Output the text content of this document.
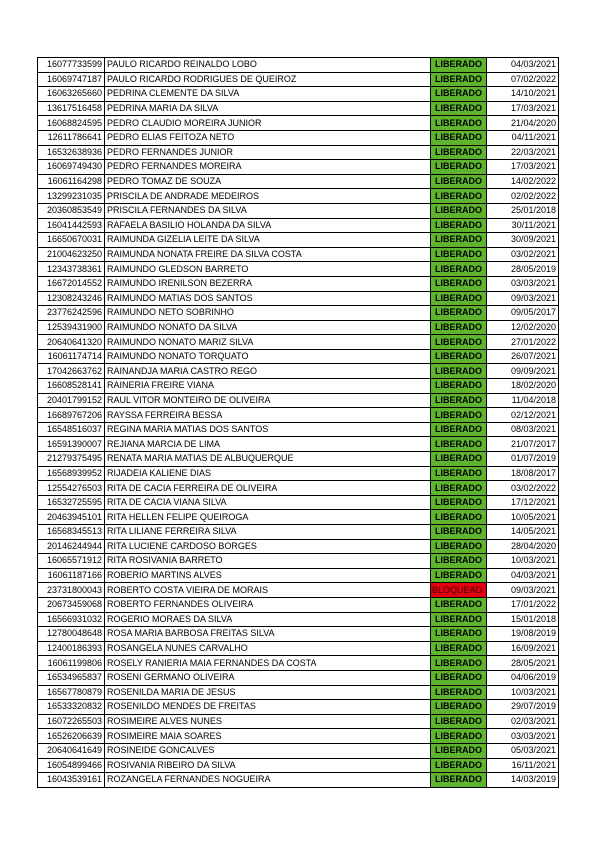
16077733599	PAULO RICARDO REINALDO LOBO	LIBERADO	04/03/2021
16069747187	PAULO RICARDO RODRIGUES DE QUEIROZ	LIBERADO	07/02/2022
16063265660	PEDRINA CLEMENTE DA SILVA	LIBERADO	14/10/2021
13617516458	PEDRINA MARIA DA SILVA	LIBERADO	17/03/2021
16068824595	PEDRO CLAUDIO MOREIRA JUNIOR	LIBERADO	21/04/2020
12611786641	PEDRO ELIAS FEITOZA NETO	LIBERADO	04/11/2021
16532638936	PEDRO FERNANDES JUNIOR	LIBERADO	22/03/2021
16069749430	PEDRO FERNANDES MOREIRA	LIBERADO	17/03/2021
16061164298	PEDRO TOMAZ DE SOUZA	LIBERADO	14/02/2022
13299231035	PRISCILA DE ANDRADE MEDEIROS	LIBERADO	02/02/2022
20360853549	PRISCILA FERNANDES DA SILVA	LIBERADO	25/01/2018
16041442593	RAFAELA BASILIO HOLANDA DA SILVA	LIBERADO	30/11/2021
16650670031	RAIMUNDA GIZELIA LEITE DA SILVA	LIBERADO	30/09/2021
21004623250	RAIMUNDA NONATA FREIRE DA SILVA COSTA	LIBERADO	03/02/2021
12343738361	RAIMUNDO GLEDSON BARRETO	LIBERADO	28/05/2019
16672014552	RAIMUNDO IRENILSON BEZERRA	LIBERADO	03/03/2021
12308243246	RAIMUNDO MATIAS DOS SANTOS	LIBERADO	09/03/2021
23776242596	RAIMUNDO NETO SOBRINHO	LIBERADO	09/05/2017
12539431900	RAIMUNDO NONATO DA SILVA	LIBERADO	12/02/2020
20640641320	RAIMUNDO NONATO MARIZ SILVA	LIBERADO	27/01/2022
16061174714	RAIMUNDO NONATO TORQUATO	LIBERADO	26/07/2021
17042663762	RAINANDJA MARIA CASTRO REGO	LIBERADO	09/09/2021
16608528141	RAINERIA FREIRE VIANA	LIBERADO	18/02/2020
20401799152	RAUL VITOR MONTEIRO DE OLIVEIRA	LIBERADO	11/04/2018
16689767206	RAYSSA FERREIRA BESSA	LIBERADO	02/12/2021
16548516037	REGINA MARIA MATIAS DOS SANTOS	LIBERADO	08/03/2021
16591390007	REJIANA MARCIA DE LIMA	LIBERADO	21/07/2017
21279375495	RENATA MARIA MATIAS DE ALBUQUERQUE	LIBERADO	01/07/2019
16568939952	RIJADEIA KALIENE DIAS	LIBERADO	18/08/2017
12554276503	RITA DE CACIA FERREIRA DE OLIVEIRA	LIBERADO	03/02/2022
16532725595	RITA DE CACIA VIANA SILVA	LIBERADO	17/12/2021
20463945101	RITA HELLEN FELIPE QUEIROGA	LIBERADO	10/05/2021
16568345513	RITA LILIANE FERREIRA SILVA	LIBERADO	14/05/2021
20146244944	RITA LUCIENE CARDOSO BORGES	LIBERADO	28/04/2020
16065571912	RITA ROSIVANIA BARRETO	LIBERADO	10/03/2021
16061187166	ROBERIO MARTINS ALVES	LIBERADO	04/03/2021
23731800043	ROBERTO COSTA VIEIRA DE MORAIS	BLOQUEAD	09/03/2021
20673459068	ROBERTO FERNANDES OLIVEIRA	LIBERADO	17/01/2022
16566931032	ROGERIO MORAES DA SILVA	LIBERADO	15/01/2018
12780048648	ROSA MARIA BARBOSA FREITAS SILVA	LIBERADO	19/08/2019
12400186393	ROSANGELA NUNES CARVALHO	LIBERADO	16/09/2021
16061199806	ROSELY RANIERIA MAIA FERNANDES DA COSTA	LIBERADO	28/05/2021
16534965837	ROSENI GERMANO OLIVEIRA	LIBERADO	04/06/2019
16567780879	ROSENILDA MARIA DE JESUS	LIBERADO	10/03/2021
16533320832	ROSENILDO MENDES DE FREITAS	LIBERADO	29/07/2019
16072265503	ROSIMEIRE ALVES NUNES	LIBERADO	02/03/2021
16526206639	ROSIMEIRE MAIA SOARES	LIBERADO	03/03/2021
20640641649	ROSINEIDE GONCALVES	LIBERADO	05/03/2021
16054899466	ROSIVANIA RIBEIRO DA SILVA	LIBERADO	16/11/2021
16043539161	ROZANGELA FERNANDES NOGUEIRA	LIBERADO	14/03/2019
